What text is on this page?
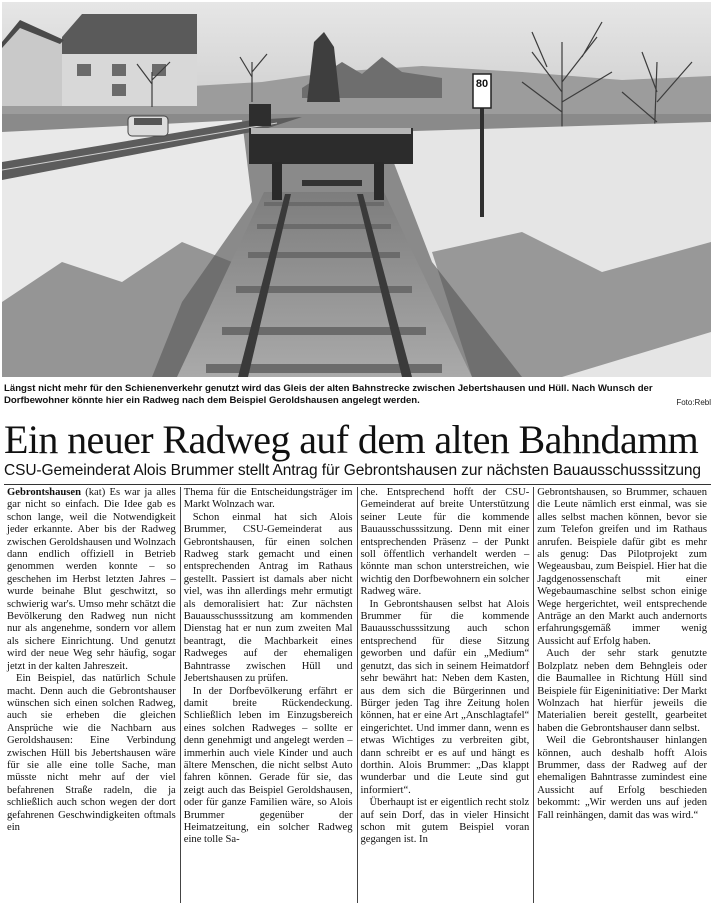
80
Längst nicht mehr für den Schienenverkehr genutzt wird das Gleis der alten Bahnstrecke zwischen Jebertshausen und Hüll. Nach Wunsch der Dorfbewohner könnte hier ein Radweg nach dem Beispiel Geroldshausen angelegt werden.	Foto:Rebl
Ein neuer Radweg auf dem alten Bahndamm
CSU-Gemeinderat Alois Brummer stellt Antrag für Gebrontshausen zur nächsten Bauausschusssitzung

Gebrontshausen (kat) Es war ja alles gar nicht so einfach. Die Idee gab es schon lange, weil die Notwendigkeit jeder erkannte. Aber bis der Radweg zwischen Geroldshausen und Wolnzach dann endlich offiziell in Betrieb genommen werden konnte – so geschehen im Herbst letzten Jahres – wurde beinahe Blut geschwitzt, so schwierig war's. Umso mehr schätzt die Bevölkerung den Radweg nun nicht nur als angenehme, sondern vor allem als sichere Einrichtung. Und genutzt wird der neue Weg sehr häufig, sogar jetzt in der kalten Jahreszeit.

Ein Beispiel, das natürlich Schule macht. Denn auch die Gebrontshauser wünschen sich einen solchen Radweg, auch sie erheben die gleichen Ansprüche wie die Nachbarn aus Geroldshausen: Eine Verbindung zwischen Hüll bis Jebertshausen wäre für sie alle eine tolle Sache, man müsste nicht mehr auf der viel befahrenen Straße radeln, die ja schließlich auch schon wegen der dort gefahrenen Geschwindigkeiten oftmals ein

Thema für die Entscheidungsträger im Markt Wolnzach war.

Schon einmal hat sich Alois Brummer, CSU-Gemeinderat aus Gebrontshausen, für einen solchen Radweg stark gemacht und einen entsprechenden Antrag im Rathaus gestellt. Passiert ist damals aber nicht viel, was ihn allerdings mehr ermutigt als demoralisiert hat: Zur nächsten Bauausschusssitzung am kommenden Dienstag hat er nun zum zweiten Mal beantragt, die Machbarkeit eines Radweges auf der ehemaligen Bahntrasse zwischen Hüll und Jebertshausen zu prüfen.

In der Dorfbevölkerung erfährt er damit breite Rückendeckung. Schließlich leben im Einzugsbereich eines solchen Radweges – sollte er denn genehmigt und angelegt werden – immerhin auch viele Kinder und auch ältere Menschen, die nicht selbst Auto fahren können. Gerade für sie, das zeigt auch das Beispiel Geroldshausen, oder für ganze Familien wäre, so Alois Brummer gegenüber der Heimatzeitung, ein solcher Radweg eine tolle Sa-

che. Entsprechend hofft der CSU-Gemeinderat auf breite Unterstützung seiner Leute für die kommende Bauausschusssitzung. Denn mit einer entsprechenden Präsenz – der Punkt soll öffentlich verhandelt werden – könnte man schon unterstreichen, wie wichtig den Dorfbewohnern ein solcher Radweg wäre.

In Gebrontshausen selbst hat Alois Brummer für die kommende Bauausschusssitzung auch schon entsprechend für diese Sitzung geworben und dafür ein „Medium“ genutzt, das sich in seinem Heimatdorf sehr bewährt hat: Neben dem Kasten, aus dem sich die Bürgerinnen und Bürger jeden Tag ihre Zeitung holen können, hat er eine Art „Anschlagtafel“ eingerichtet. Und immer dann, wenn es etwas Wichtiges zu verbreiten gibt, dann schreibt er es auf und hängt es dorthin. Alois Brummer: „Das klappt wunderbar und die Leute sind gut informiert“.

Überhaupt ist er eigentlich recht stolz auf sein Dorf, das in vieler Hinsicht schon mit gutem Beispiel voran gegangen ist. In

Gebrontshausen, so Brummer, schauen die Leute nämlich erst einmal, was sie alles selbst machen können, bevor sie zum Telefon greifen und im Rathaus anrufen. Beispiele dafür gibt es mehr als genug: Das Pilotprojekt zum Wegeausbau, zum Beispiel. Hier hat die Jagdgenossenschaft mit einer Wegebaumaschine selbst schon einige Wege hergerichtet, weil entsprechende Anträge an den Markt auch andernorts erfahrungsgemäß immer wenig Aussicht auf Erfolg haben.

Auch der sehr stark genutzte Bolzplatz neben dem Behngleis oder die Baumallee in Richtung Hüll sind Beispiele für Eigeninitiative: Der Markt Wolnzach hat hierfür jeweils die Materialien bereit gestellt, gearbeitet haben die Gebrontshauser dann selbst.

Weil die Gebrontshauser hinlangen können, auch deshalb hofft Alois Brummer, dass der Radweg auf der ehemaligen Bahntrasse zumindest eine Aussicht auf Erfolg beschieden bekommt: „Wir werden uns auf jeden Fall reinhängen, damit das was wird.“
